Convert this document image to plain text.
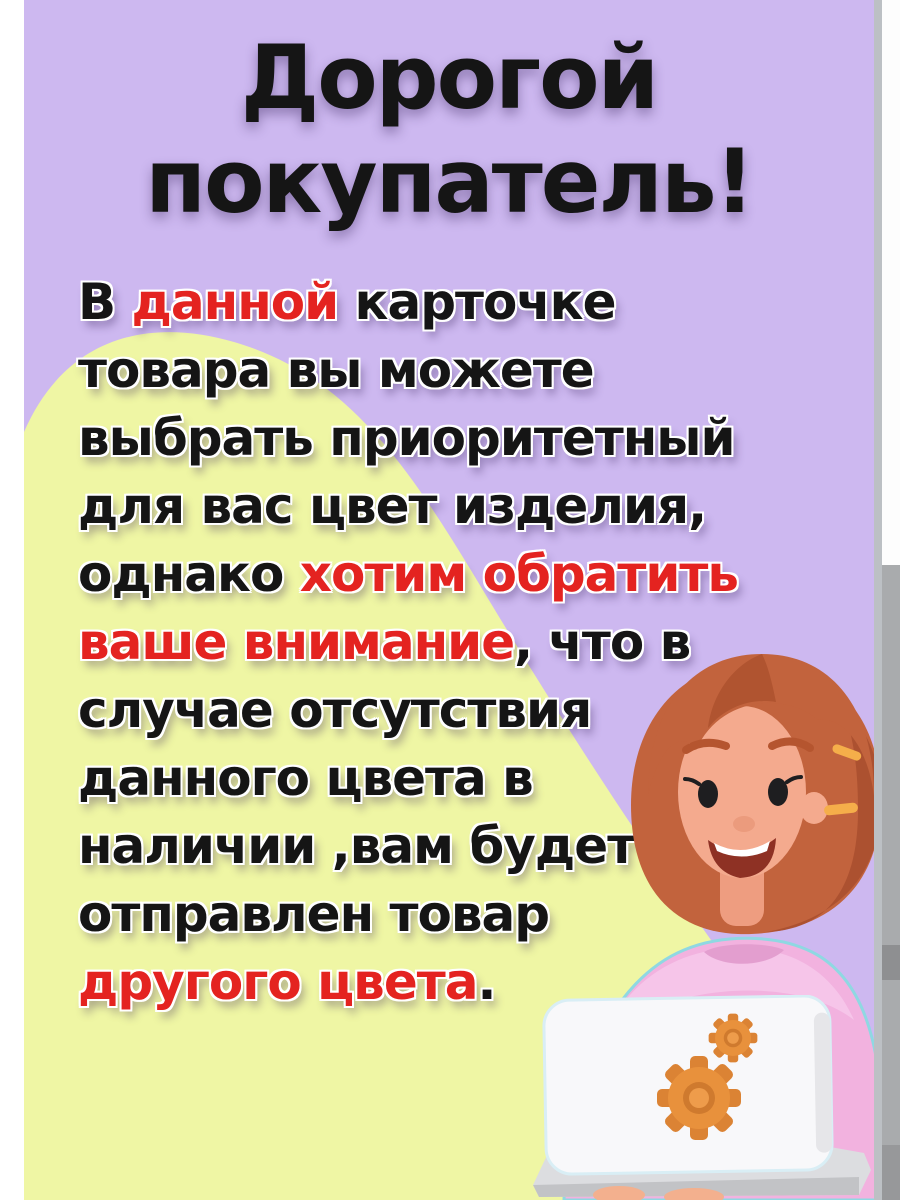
Дорогой
покупатель!
В данной карточке
товара вы можете
выбрать приоритетный
для вас цвет изделия,
однако хотим обратить
ваше внимание, что в
случае отсутствия
данного цвета в
наличии ,вам будет
отправлен товар
другого цвета.
